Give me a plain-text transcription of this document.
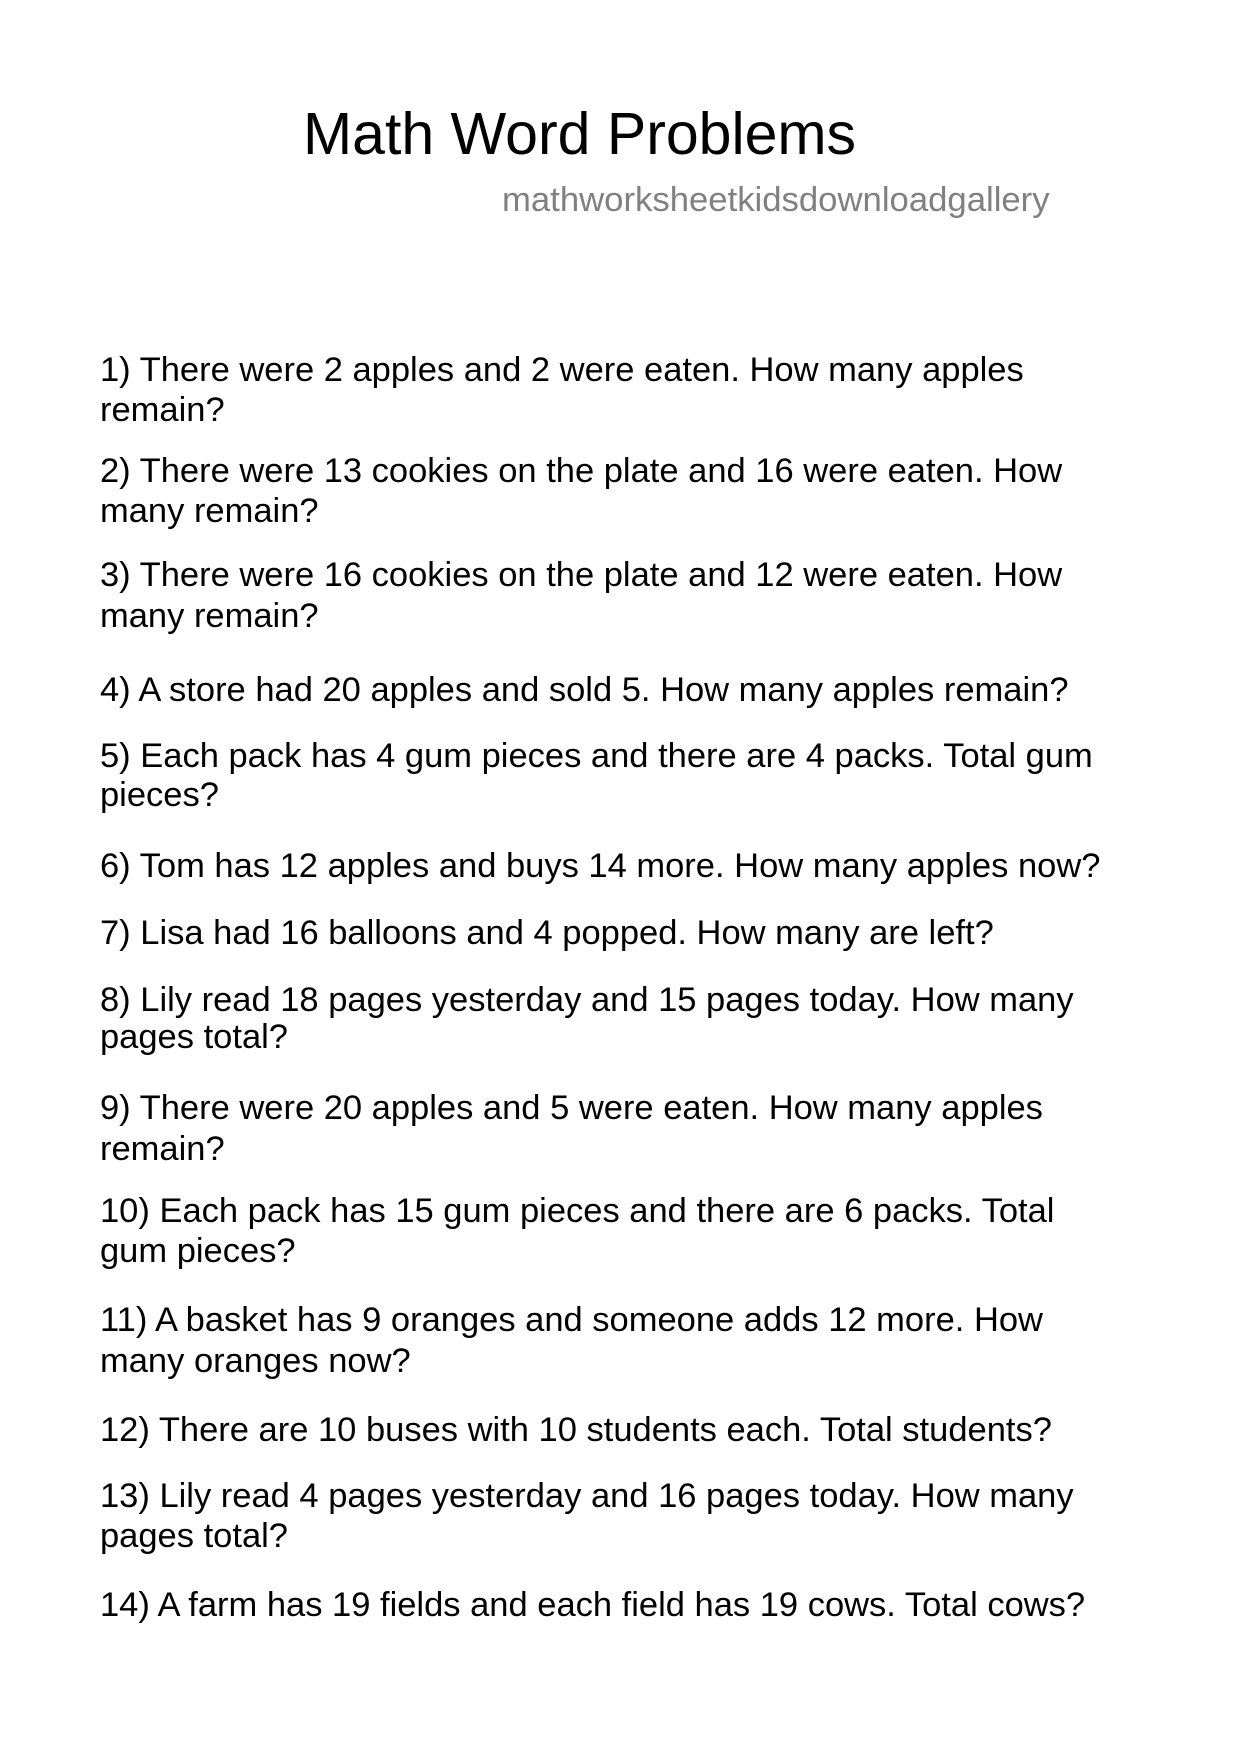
Math Word Problems
mathworksheetkidsdownloadgallery
1) There were 2 apples and 2 were eaten. How many apples
remain?
2) There were 13 cookies on the plate and 16 were eaten. How
many remain?
3) There were 16 cookies on the plate and 12 were eaten. How
many remain?
4) A store had 20 apples and sold 5. How many apples remain?
5) Each pack has 4 gum pieces and there are 4 packs. Total gum
pieces?
6) Tom has 12 apples and buys 14 more. How many apples now?
7) Lisa had 16 balloons and 4 popped. How many are left?
8) Lily read 18 pages yesterday and 15 pages today. How many
pages total?
9) There were 20 apples and 5 were eaten. How many apples
remain?
10) Each pack has 15 gum pieces and there are 6 packs. Total
gum pieces?
11) A basket has 9 oranges and someone adds 12 more. How
many oranges now?
12) There are 10 buses with 10 students each. Total students?
13) Lily read 4 pages yesterday and 16 pages today. How many
pages total?
14) A farm has 19 fields and each field has 19 cows. Total cows?
